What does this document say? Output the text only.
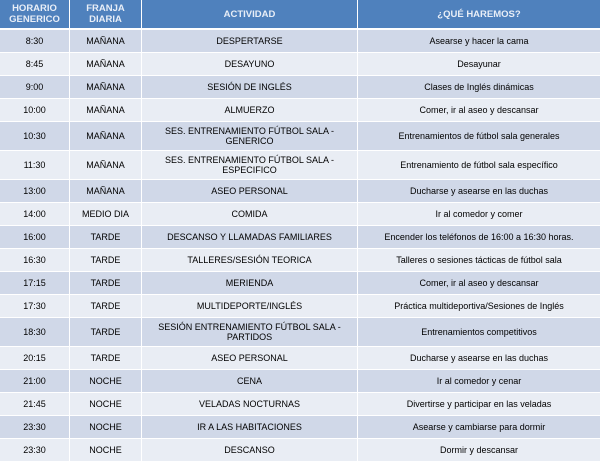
HORARIO GENERICO	FRANJA DIARIA	ACTIVIDAD	¿QUÉ HAREMOS?
8:30	MAÑANA	DESPERTARSE	Asearse y hacer la cama
8:45	MAÑANA	DESAYUNO	Desayunar
9:00	MAÑANA	SESIÓN DE INGLÉS	Clases de Inglés dinámicas
10:00	MAÑANA	ALMUERZO	Comer, ir al aseo y descansar
10:30	MAÑANA	SES. ENTRENAMIENTO FÚTBOL SALA - GENERICO	Entrenamientos de fútbol sala generales
11:30	MAÑANA	SES. ENTRENAMIENTO FÚTBOL SALA - ESPECIFICO	Entrenamiento de fútbol sala específico
13:00	MAÑANA	ASEO PERSONAL	Ducharse y asearse en las duchas
14:00	MEDIO DIA	COMIDA	Ir al comedor y comer
16:00	TARDE	DESCANSO Y LLAMADAS FAMILIARES	Encender los teléfonos de 16:00 a 16:30 horas.
16:30	TARDE	TALLERES/SESIÓN TEORICA	Talleres o sesiones tácticas de fútbol sala
17:15	TARDE	MERIENDA	Comer, ir al aseo y descansar
17:30	TARDE	MULTIDEPORTE/INGLÉS	Práctica multideportiva/Sesiones de Inglés
18:30	TARDE	SESIÓN ENTRENAMIENTO FÚTBOL SALA - PARTIDOS	Entrenamientos competitivos
20:15	TARDE	ASEO PERSONAL	Ducharse y asearse en las duchas
21:00	NOCHE	CENA	Ir al comedor y cenar
21:45	NOCHE	VELADAS NOCTURNAS	Divertirse y participar en las veladas
23:30	NOCHE	IR A LAS HABITACIONES	Asearse y cambiarse para dormir
23:30	NOCHE	DESCANSO	Dormir y descansar
